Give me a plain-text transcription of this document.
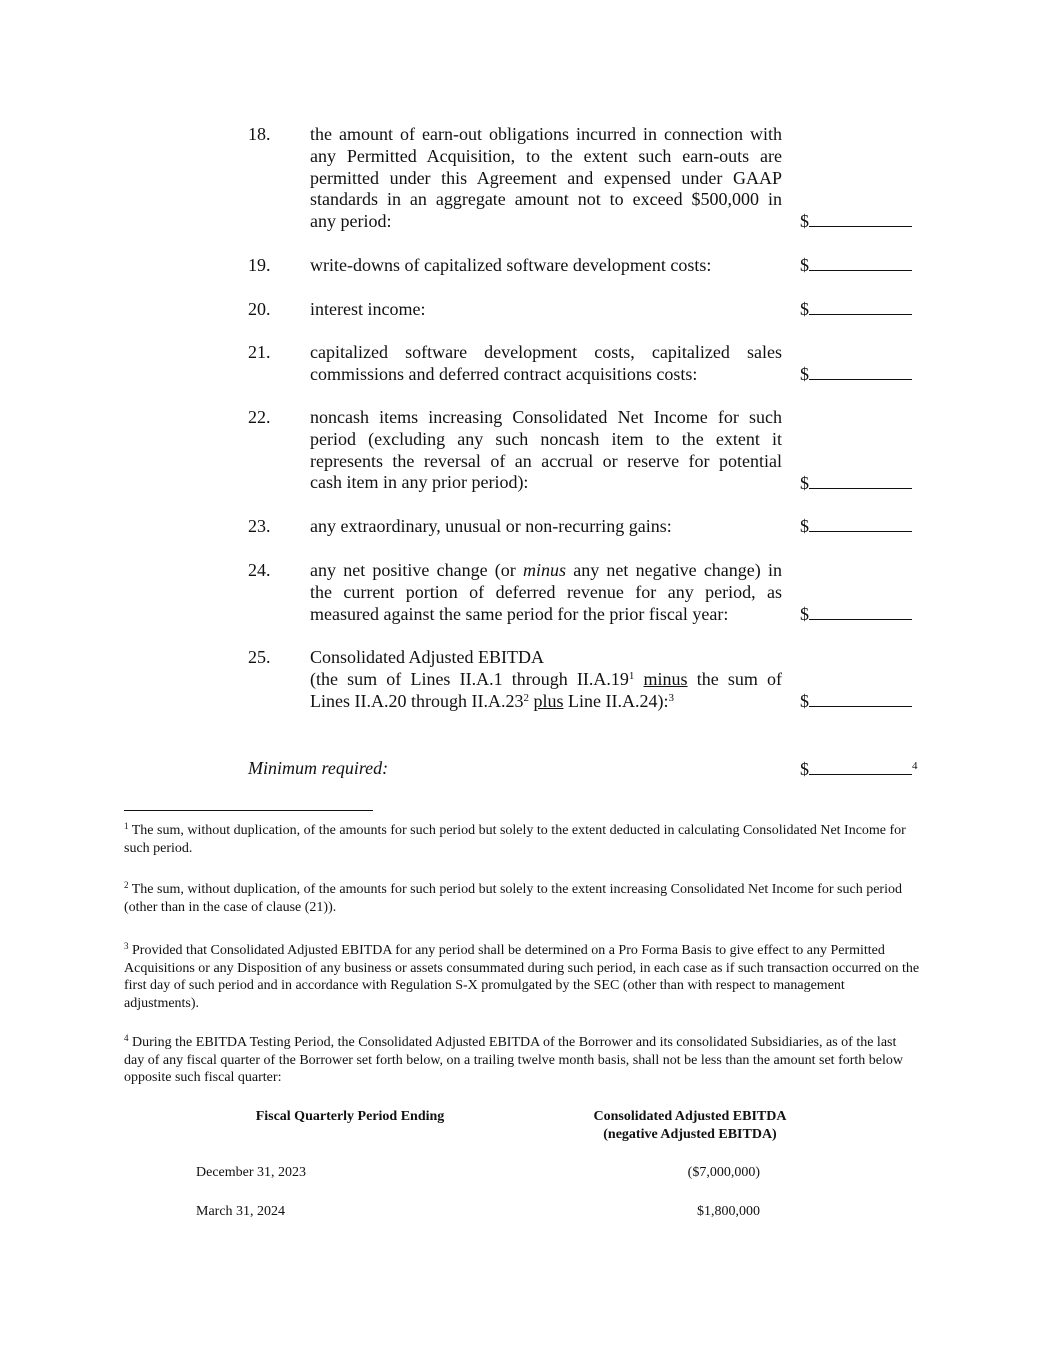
18. the amount of earn-out obligations incurred in connection with
any Permitted Acquisition, to the extent such earn-outs are
permitted under this Agreement and expensed under GAAP
standards in an aggregate amount not to exceed $500,000 in
any period:	$
19. write-downs of capitalized software development costs:	$
20. interest income:	$
21. capitalized software development costs, capitalized sales
commissions and deferred contract acquisitions costs:	$
22. noncash items increasing Consolidated Net Income for such
period (excluding any such noncash item to the extent it
represents the reversal of an accrual or reserve for potential
cash item in any prior period):	$
23. any extraordinary, unusual or non-recurring gains:	$
24. any net positive change (or minus any net negative change) in
the current portion of deferred revenue for any period, as
measured against the same period for the prior fiscal year:	$
25. Consolidated Adjusted EBITDA
(the sum of Lines II.A.1 through $II.A.19^1$ minus the sum of
Lines II.A.20 through $II.A.23^2$ plus Line II.A.24):$^3$	$
Minimum required:	$	$^4$
$^1$ The sum, without duplication, of the amounts for such period but solely to the extent deducted in calculating Consolidated Net Income for such period.
$^2$ The sum, without duplication, of the amounts for such period but solely to the extent increasing Consolidated Net Income for such period (other than in the case of clause (21)).
$^3$ Provided that Consolidated Adjusted EBITDA for any period shall be determined on a Pro Forma Basis to give effect to any Permitted Acquisitions or any Disposition of any business or assets consummated during such period, in each case as if such transaction occurred on the first day of such period and in accordance with Regulation S-X promulgated by the SEC (other than with respect to management adjustments).
$^4$ During the EBITDA Testing Period, the Consolidated Adjusted EBITDA of the Borrower and its consolidated Subsidiaries, as of the last day of any fiscal quarter of the Borrower set forth below, on a trailing twelve month basis, shall not be less than the amount set forth below opposite such fiscal quarter:
Fiscal Quarterly Period Ending	Consolidated Adjusted EBITDA
(negative Adjusted EBITDA)
December 31, 2023	($7,000,000)
March 31, 2024	$1,800,000
